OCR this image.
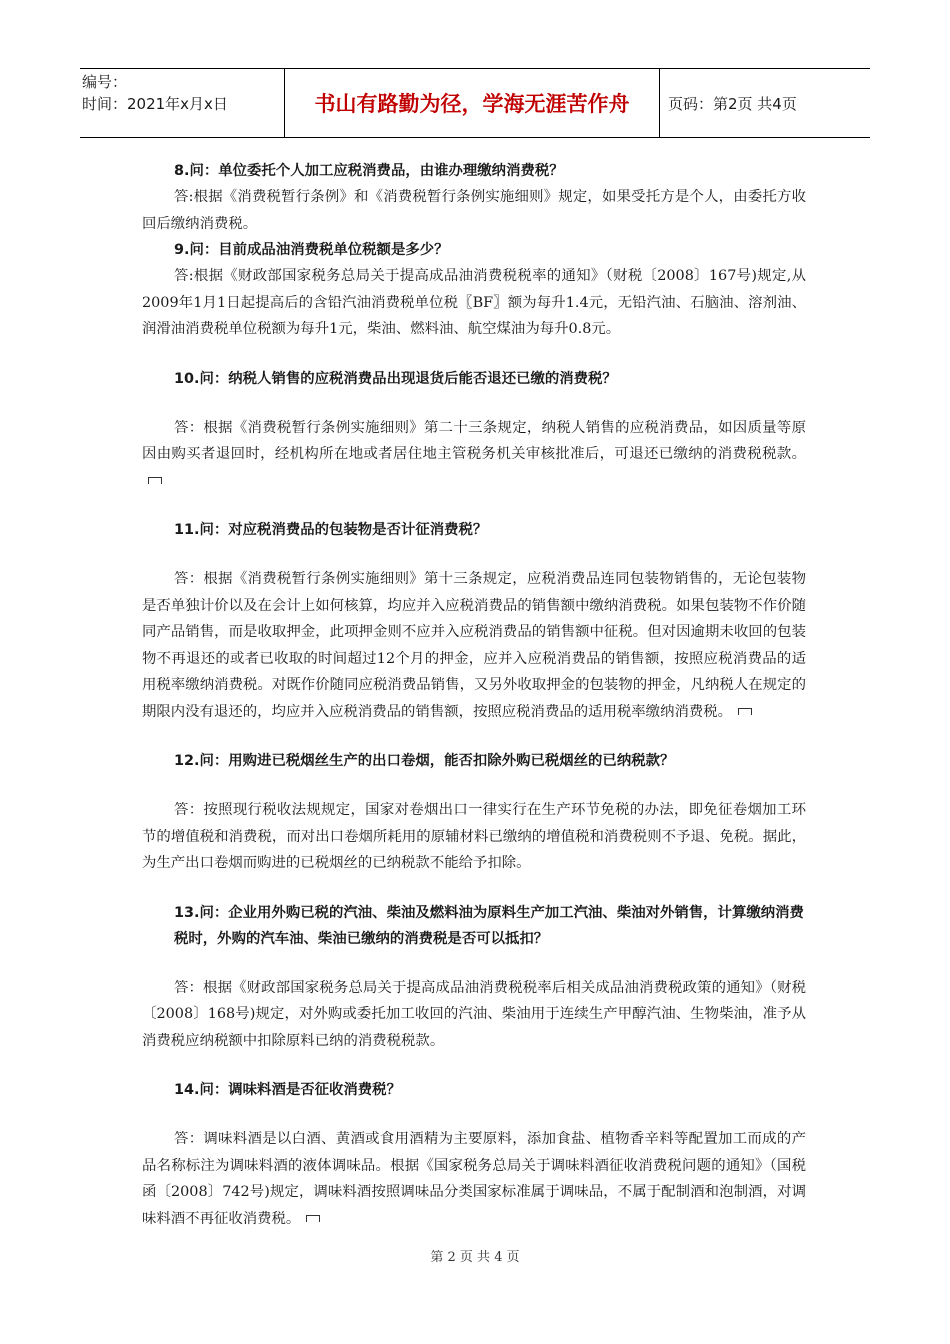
编号：
时间：2021年x月x日	书山有路勤为径，学海无涯苦作舟	页码：第2页 共4页

8.问：单位委托个人加工应税消费品，由谁办理缴纳消费税？

答:根据《消费税暂行条例》和《消费税暂行条例实施细则》规定，如果受托方是个人，由委托方收回后缴纳消费税。

9.问：目前成品油消费税单位税额是多少？

答:根据《财政部国家税务总局关于提高成品油消费税税率的通知》（财税〔2008〕167号)规定,从2009年1月1日起提高后的含铅汽油消费税单位税〖BF〗额为每升1.4元，无铅汽油、石脑油、溶剂油、润滑油消费税单位税额为每升1元，柴油、燃料油、航空煤油为每升0.8元。

10.问：纳税人销售的应税消费品出现退货后能否退还已缴的消费税？

答：根据《消费税暂行条例实施细则》第二十三条规定，纳税人销售的应税消费品，如因质量等原因由购买者退回时，经机构所在地或者居住地主管税务机关审核批准后，可退还已缴纳的消费税税款。

11.问：对应税消费品的包装物是否计征消费税？

答：根据《消费税暂行条例实施细则》第十三条规定，应税消费品连同包装物销售的，无论包装物是否单独计价以及在会计上如何核算，均应并入应税消费品的销售额中缴纳消费税。如果包装物不作价随同产品销售，而是收取押金，此项押金则不应并入应税消费品的销售额中征税。但对因逾期未收回的包装物不再退还的或者已收取的时间超过12个月的押金，应并入应税消费品的销售额，按照应税消费品的适用税率缴纳消费税。对既作价随同应税消费品销售，又另外收取押金的包装物的押金，凡纳税人在规定的期限内没有退还的，均应并入应税消费品的销售额，按照应税消费品的适用税率缴纳消费税。

12.问：用购进已税烟丝生产的出口卷烟，能否扣除外购已税烟丝的已纳税款？

答：按照现行税收法规规定，国家对卷烟出口一律实行在生产环节免税的办法，即免征卷烟加工环节的增值税和消费税，而对出口卷烟所耗用的原辅材料已缴纳的增值税和消费税则不予退、免税。据此，为生产出口卷烟而购进的已税烟丝的已纳税款不能给予扣除。

13.问：企业用外购已税的汽油、柴油及燃料油为原料生产加工汽油、柴油对外销售，计算缴纳消费税时，外购的汽车油、柴油已缴纳的消费税是否可以抵扣？

答：根据《财政部国家税务总局关于提高成品油消费税税率后相关成品油消费税政策的通知》（财税〔2008〕168号)规定，对外购或委托加工收回的汽油、柴油用于连续生产甲醇汽油、生物柴油，准予从消费税应纳税额中扣除原料已纳的消费税税款。

14.问：调味料酒是否征收消费税？

答：调味料酒是以白酒、黄酒或食用酒精为主要原料，添加食盐、植物香辛料等配置加工而成的产品名称标注为调味料酒的液体调味品。根据《国家税务总局关于调味料酒征收消费税问题的通知》（国税函〔2008〕742号)规定，调味料酒按照调味品分类国家标准属于调味品，不属于配制酒和泡制酒，对调味料酒不再征收消费税。

第 2 页 共 4 页
